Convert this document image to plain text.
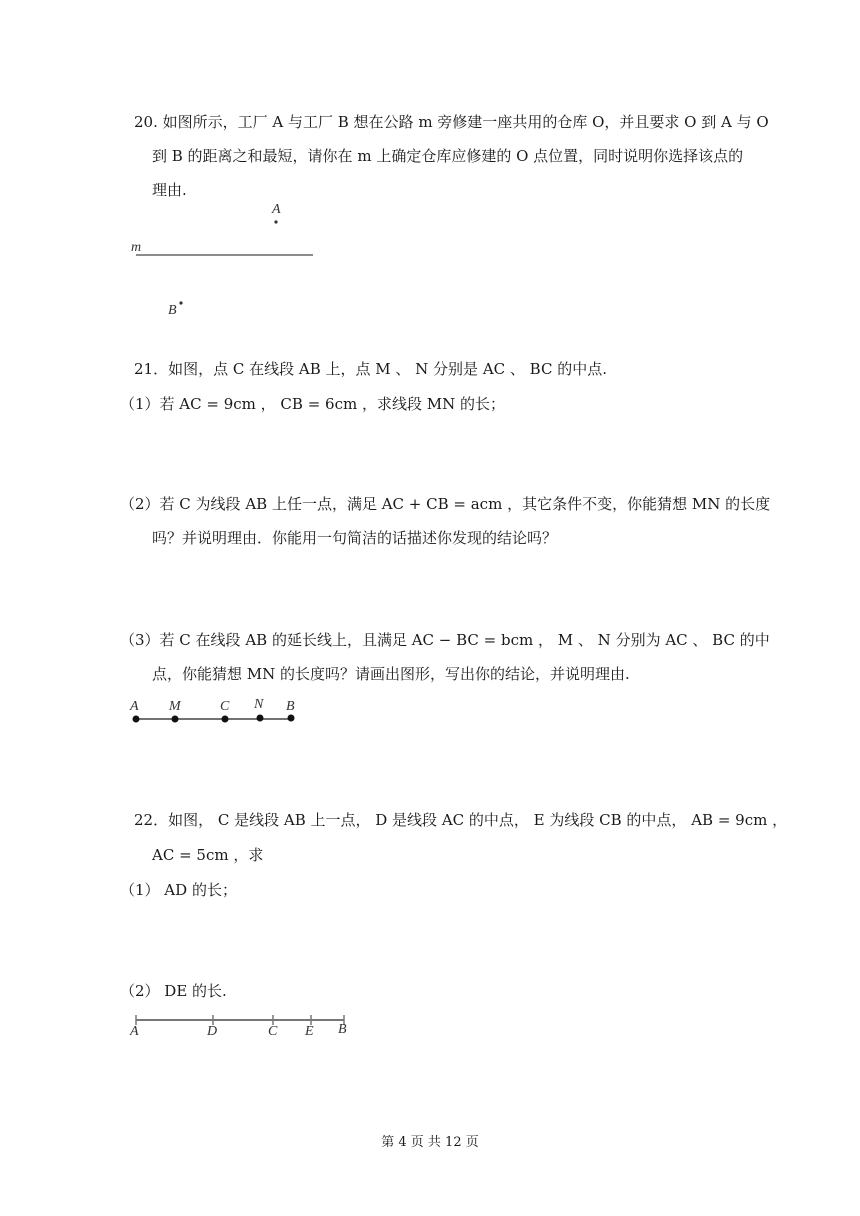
20. 如图所示，工厂 A 与工厂 B 想在公路 m 旁修建一座共用的仓库 O，并且要求 O 到 A 与 O
到 B 的距离之和最短，请你在 m 上确定仓库应修建的 O 点位置，同时说明你选择该点的
理由.
A
m
B
21．如图，点 C 在线段 AB 上，点 M 、 N 分别是 AC 、 BC 的中点.
（1）若 AC = 9cm ， CB = 6cm ，求线段 MN 的长；
（2）若 C 为线段 AB 上任一点，满足 AC + CB = acm ，其它条件不变，你能猜想 MN 的长度
吗？并说明理由．你能用一句简洁的话描述你发现的结论吗？
（3）若 C 在线段 AB 的延长线上，且满足 AC − BC = bcm ， M 、 N 分别为 AC 、 BC 的中
点，你能猜想 MN 的长度吗？请画出图形，写出你的结论，并说明理由.
A M	C N B
22．如图， C 是线段 AB 上一点， D 是线段 AC 的中点， E 为线段 CB 的中点， AB = 9cm ，
AC = 5cm ，求
（1） AD 的长；
（2） DE 的长.
A	D	C E B
第 4 页 共 12 页
